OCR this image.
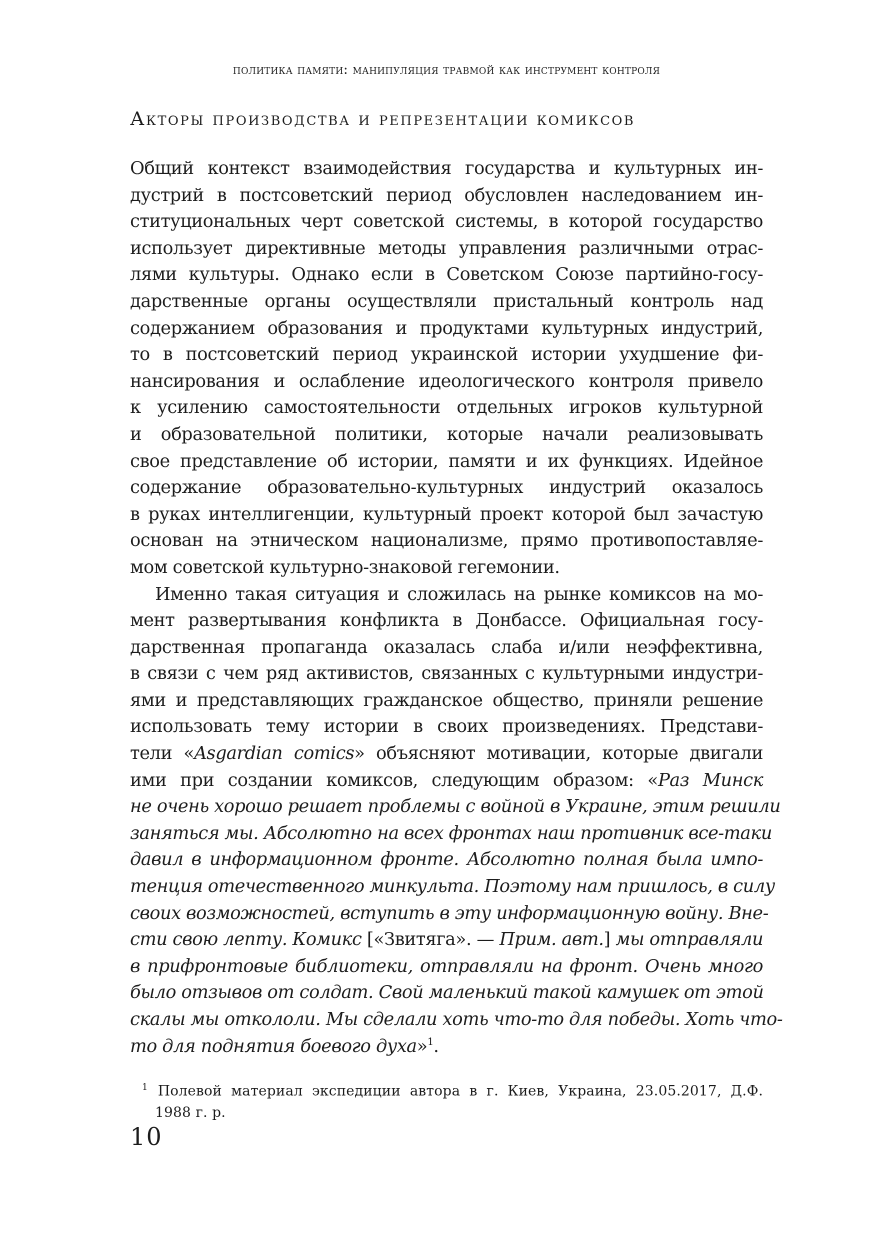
политика памяти: манипуляция травмой как инструмент контроля
Акторы производства и репрезентации комиксов
Общий контекст взаимодействия государства и культурных ин-
дустрий в постсоветский период обусловлен наследованием ин-
ституциональных черт советской системы, в которой государство
использует директивные методы управления различными отрас-
лями культуры. Однако если в Советском Союзе партийно-госу-
дарственные органы осуществляли пристальный контроль над
содержанием образования и продуктами культурных индустрий,
то в постсоветский период украинской истории ухудшение фи-
нансирования и ослабление идеологического контроля привело
к усилению самостоятельности отдельных игроков культурной
и образовательной политики, которые начали реализовывать
свое представление об истории, памяти и их функциях. Идейное
содержание образовательно-культурных индустрий оказалось
в руках интеллигенции, культурный проект которой был зачастую
основан на этническом национализме, прямо противопоставляе-
мом советской культурно-знаковой гегемонии.
Именно такая ситуация и сложилась на рынке комиксов на мо-
мент развертывания конфликта в Донбассе. Официальная госу-
дарственная пропаганда оказалась слаба и/или неэффективна,
в связи с чем ряд активистов, связанных с культурными индустри-
ями и представляющих гражданское общество, приняли решение
использовать тему истории в своих произведениях. Представи-
тели «Asgardian comics» объясняют мотивации, которые двигали
ими при создании комиксов, следующим образом: «Раз Минск
не очень хорошо решает проблемы с войной в Украине, этим решили
заняться мы. Абсолютно на всех фронтах наш противник все-таки
давил в информационном фронте. Абсолютно полная была импо-
тенция отечественного минкульта. Поэтому нам пришлось, в силу
своих возможностей, вступить в эту информационную войну. Вне-
сти свою лепту. Комикс [«Звитяга». — Прим. авт.] мы отправляли
в прифронтовые библиотеки, отправляли на фронт. Очень много
было отзывов от солдат. Свой маленький такой камушек от этой
скалы мы откололи. Мы сделали хоть что-то для победы. Хоть что-
то для поднятия боевого духа»$^1$.
$^1$ Полевой материал экспедиции автора в г. Киев, Украина, 23.05.2017, Д.Ф.
1988 г. р.
10
